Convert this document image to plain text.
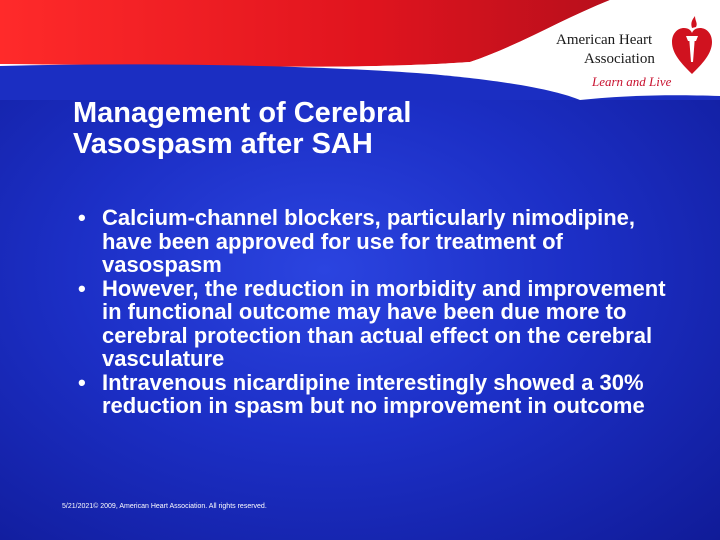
American Heart
Association
Learn and Live
Management of Cerebral
Vasospasm after SAH
• Calcium-channel blockers, particularly nimodipine, have been approved for use for treatment of vasospasm
• However, the reduction in morbidity and improvement in functional outcome may have been due more to cerebral protection than actual effect on the cerebral vasculature
• Intravenous nicardipine interestingly showed a 30% reduction in spasm but no improvement in outcome
5/21/2021© 2009, American Heart Association. All rights reserved.
